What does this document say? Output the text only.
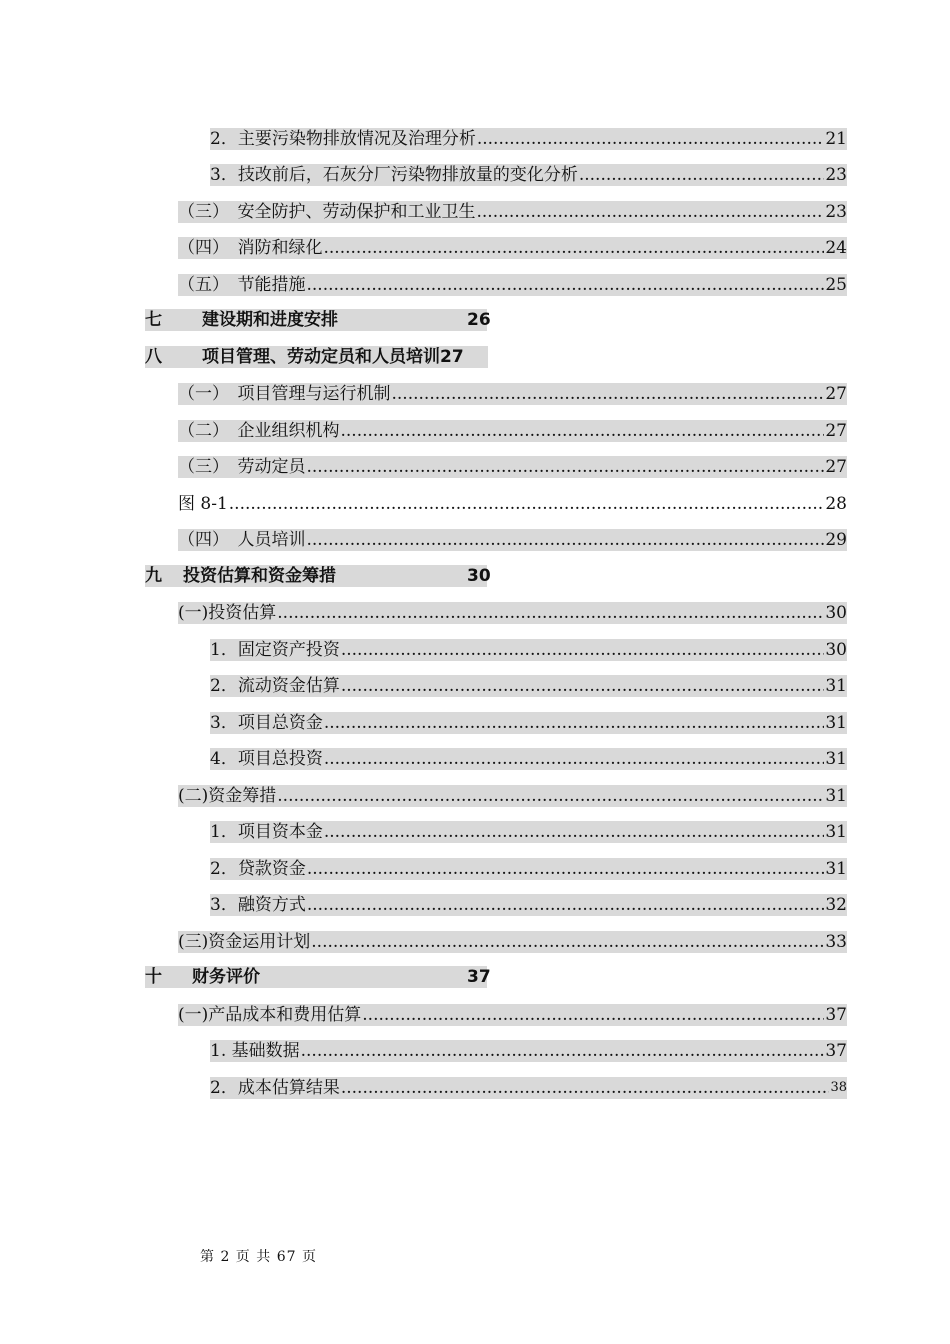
2．主要污染物排放情况及治理分析 .....	21
3．技改前后，石灰分厂污染物排放量的变化分析 .....	23
（三）　安全防护、劳动保护和工业卫生 .....	23
（四）　消防和绿化 .....	24
（五）　节能措施 .....	25
七 建设期和进度安排	26
八 项目管理、劳动定员和人员培训27
（一）　项目管理与运行机制 .....	27
（二）　企业组织机构 .....	27
（三）　劳动定员 .....	27
图 8-1 .....	28
（四）　人员培训 .....	29
九 投资估算和资金筹措	30
(一)投资估算 .....	30
1．固定资产投资 .....	30
2．流动资金估算 .....	31
3．项目总资金 .....	31
4．项目总投资 .....	31
(二)资金筹措 .....	31
1．项目资本金 .....	31
2．贷款资金 .....	31
3．融资方式 .....	32
(三)资金运用计划 .....	33
十 财务评价	37
(一)产品成本和费用估算 .....	37
1. 基础数据 .....	37
2．成本估算结果 .....	38
第 2 页 共 67 页
